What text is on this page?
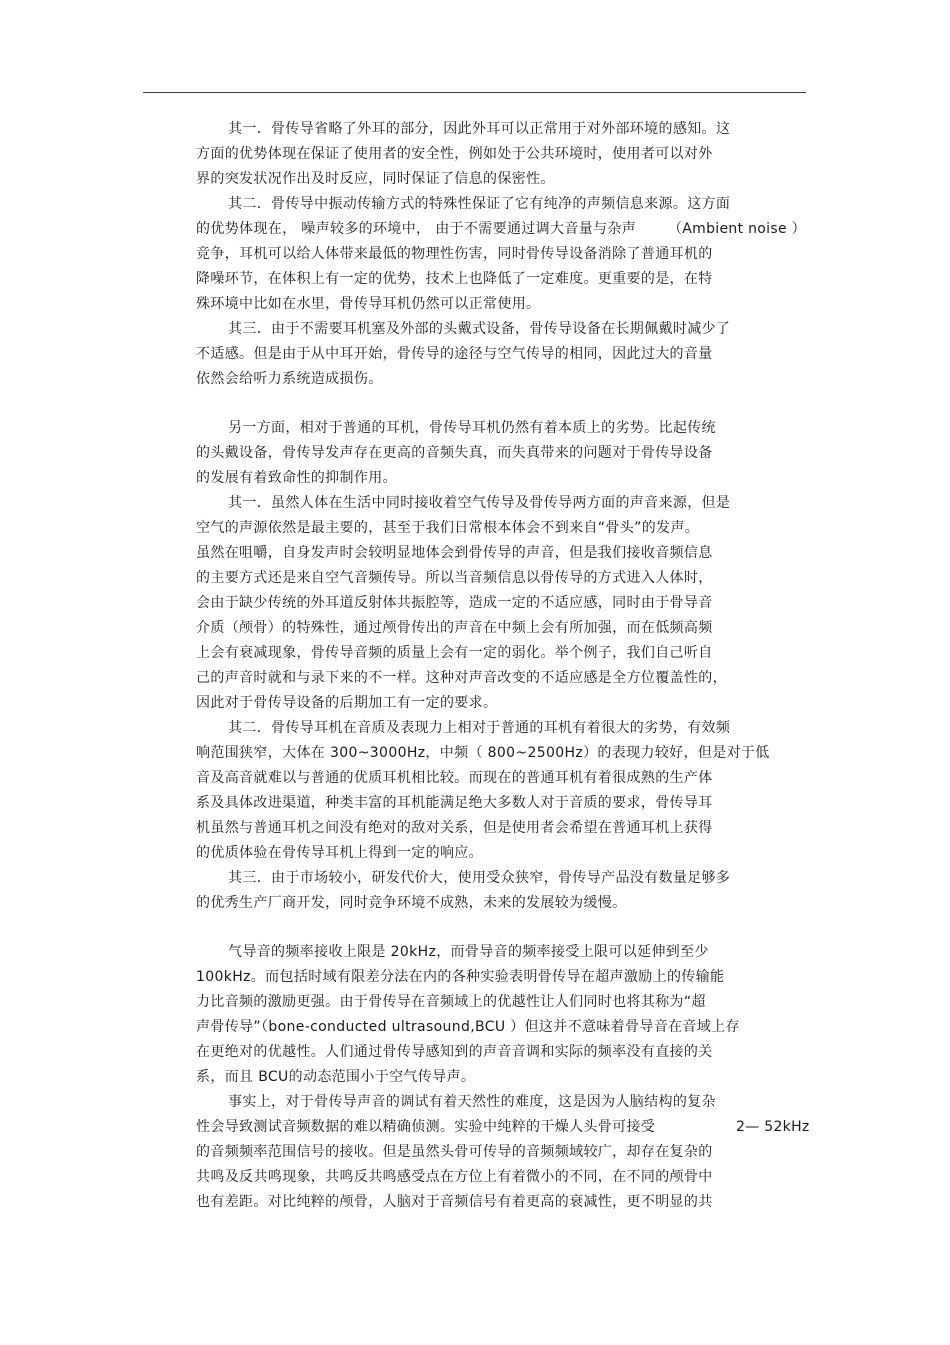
其一．骨传导省略了外耳的部分，因此外耳可以正常用于对外部环境的感知。这
方面的优势体现在保证了使用者的安全性，例如处于公共环境时，使用者可以对外
界的突发状况作出及时反应，同时保证了信息的保密性。
其二．骨传导中振动传输方式的特殊性保证了它有纯净的声频信息来源。这方面
的优势体现在， 噪声较多的环境中， 由于不需要通过调大音量与杂声 （Ambient noise ）
竞争，耳机可以给人体带来最低的物理性伤害，同时骨传导设备消除了普通耳机的
降噪环节，在体积上有一定的优势，技术上也降低了一定难度。更重要的是，在特
殊环境中比如在水里，骨传导耳机仍然可以正常使用。
其三．由于不需要耳机塞及外部的头戴式设备，骨传导设备在长期佩戴时减少了
不适感。但是由于从中耳开始，骨传导的途径与空气传导的相同，因此过大的音量
依然会给听力系统造成损伤。
另一方面，相对于普通的耳机，骨传导耳机仍然有着本质上的劣势。比起传统
的头戴设备，骨传导发声存在更高的音频失真，而失真带来的问题对于骨传导设备
的发展有着致命性的抑制作用。
其一．虽然人体在生活中同时接收着空气传导及骨传导两方面的声音来源，但是
空气的声源依然是最主要的，甚至于我们日常根本体会不到来自“骨头”的发声。
虽然在咀嚼，自身发声时会较明显地体会到骨传导的声音，但是我们接收音频信息
的主要方式还是来自空气音频传导。所以当音频信息以骨传导的方式进入人体时，
会由于缺少传统的外耳道反射体共振腔等，造成一定的不适应感，同时由于骨导音
介质（颅骨）的特殊性，通过颅骨传出的声音在中频上会有所加强，而在低频高频
上会有衰减现象，骨传导音频的质量上会有一定的弱化。举个例子，我们自己听自
己的声音时就和与录下来的不一样。这种对声音改变的不适应感是全方位覆盖性的，
因此对于骨传导设备的后期加工有一定的要求。
其二．骨传导耳机在音质及表现力上相对于普通的耳机有着很大的劣势，有效频
响范围狭窄，大体在 300~3000Hz，中频（ 800~2500Hz）的表现力较好，但是对于低
音及高音就难以与普通的优质耳机相比较。而现在的普通耳机有着很成熟的生产体
系及具体改进渠道，种类丰富的耳机能满足绝大多数人对于音质的要求，骨传导耳
机虽然与普通耳机之间没有绝对的敌对关系，但是使用者会希望在普通耳机上获得
的优质体验在骨传导耳机上得到一定的响应。
其三．由于市场较小，研发代价大，使用受众狭窄，骨传导产品没有数量足够多
的优秀生产厂商开发，同时竞争环境不成熟，未来的发展较为缓慢。
气导音的频率接收上限是 20kHz，而骨导音的频率接受上限可以延伸到至少
100kHz。而包括时域有限差分法在内的各种实验表明骨传导在超声激励上的传输能
力比音频的激励更强。由于骨传导在音频域上的优越性让人们同时也将其称为“超
声骨传导”（bone-conducted ultrasound,BCU ）但这并不意味着骨导音在音域上存
在更绝对的优越性。人们通过骨传导感知到的声音音调和实际的频率没有直接的关
系，而且 BCU的动态范围小于空气传导声。
事实上，对于骨传导声音的调试有着天然性的难度，这是因为人脑结构的复杂
性会导致测试音频数据的难以精确侦测。实验中纯粹的干燥人头骨可接受	2— 52kHz
的音频频率范围信号的接收。但是虽然头骨可传导的音频频域较广，却存在复杂的
共鸣及反共鸣现象，共鸣反共鸣感受点在方位上有着微小的不同，在不同的颅骨中
也有差距。对比纯粹的颅骨，人脑对于音频信号有着更高的衰减性，更不明显的共
